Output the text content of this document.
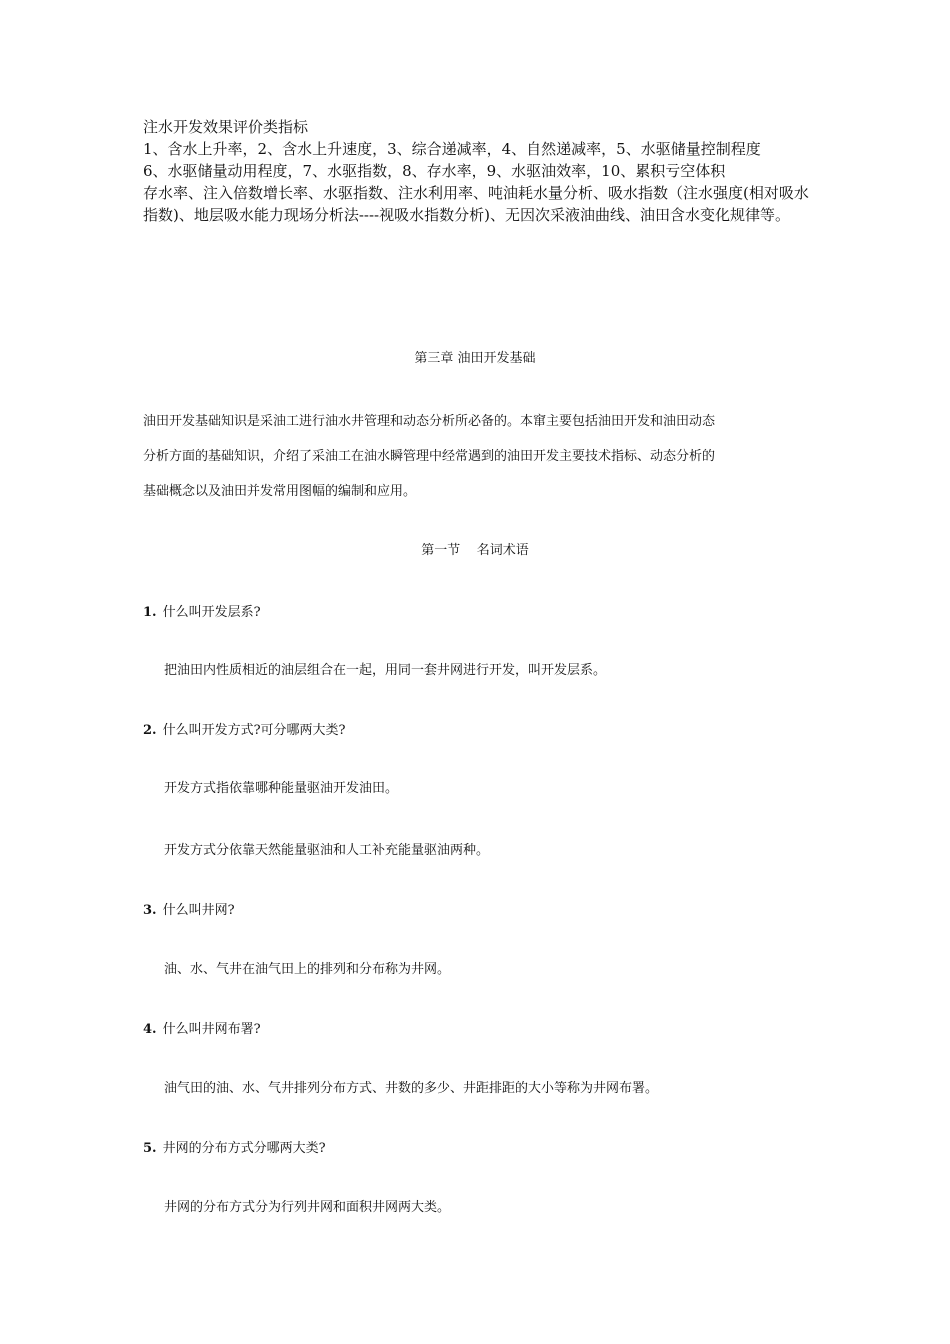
注水开发效果评价类指标

1、含水上升率，2、含水上升速度，3、综合递减率，4、自然递减率，5、水驱储量控制程度

6、水驱储量动用程度，7、水驱指数，8、存水率，9、水驱油效率，10、累积亏空体积

存水率、注入倍数增长率、水驱指数、注水利用率、吨油耗水量分析、吸水指数（注水强度(相对吸水指数)、地层吸水能力现场分析法----视吸水指数分析)、无因次采液油曲线、油田含水变化规律等。

第三章 油田开发基础

油田开发基础知识是采油工进行油水井管理和动态分析所必备的。本窜主要包括油田开发和油田动态

分析方面的基础知识，介绍了采油工在油水瞬管理中经常遇到的油田开发主要技术指标、动态分析的

基础概念以及油田并发常用图幅的编制和应用。

第一节    名词术语
1. 什么叫开发层系?
把油田内性质相近的油层组合在一起，用同一套井网进行开发，叫开发层系。
2. 什么叫开发方式?可分哪两大类?
开发方式指依靠哪种能量驱油开发油田。
开发方式分依靠天然能量驱油和人工补充能量驱油两种。
3. 什么叫井网?
油、水、气井在油气田上的排列和分布称为井网。
4. 什么叫井网布署?
油气田的油、水、气井排列分布方式、井数的多少、井距排距的大小等称为井网布署。
5. 井网的分布方式分哪两大类?
井网的分布方式分为行列井网和面积井网两大类。
